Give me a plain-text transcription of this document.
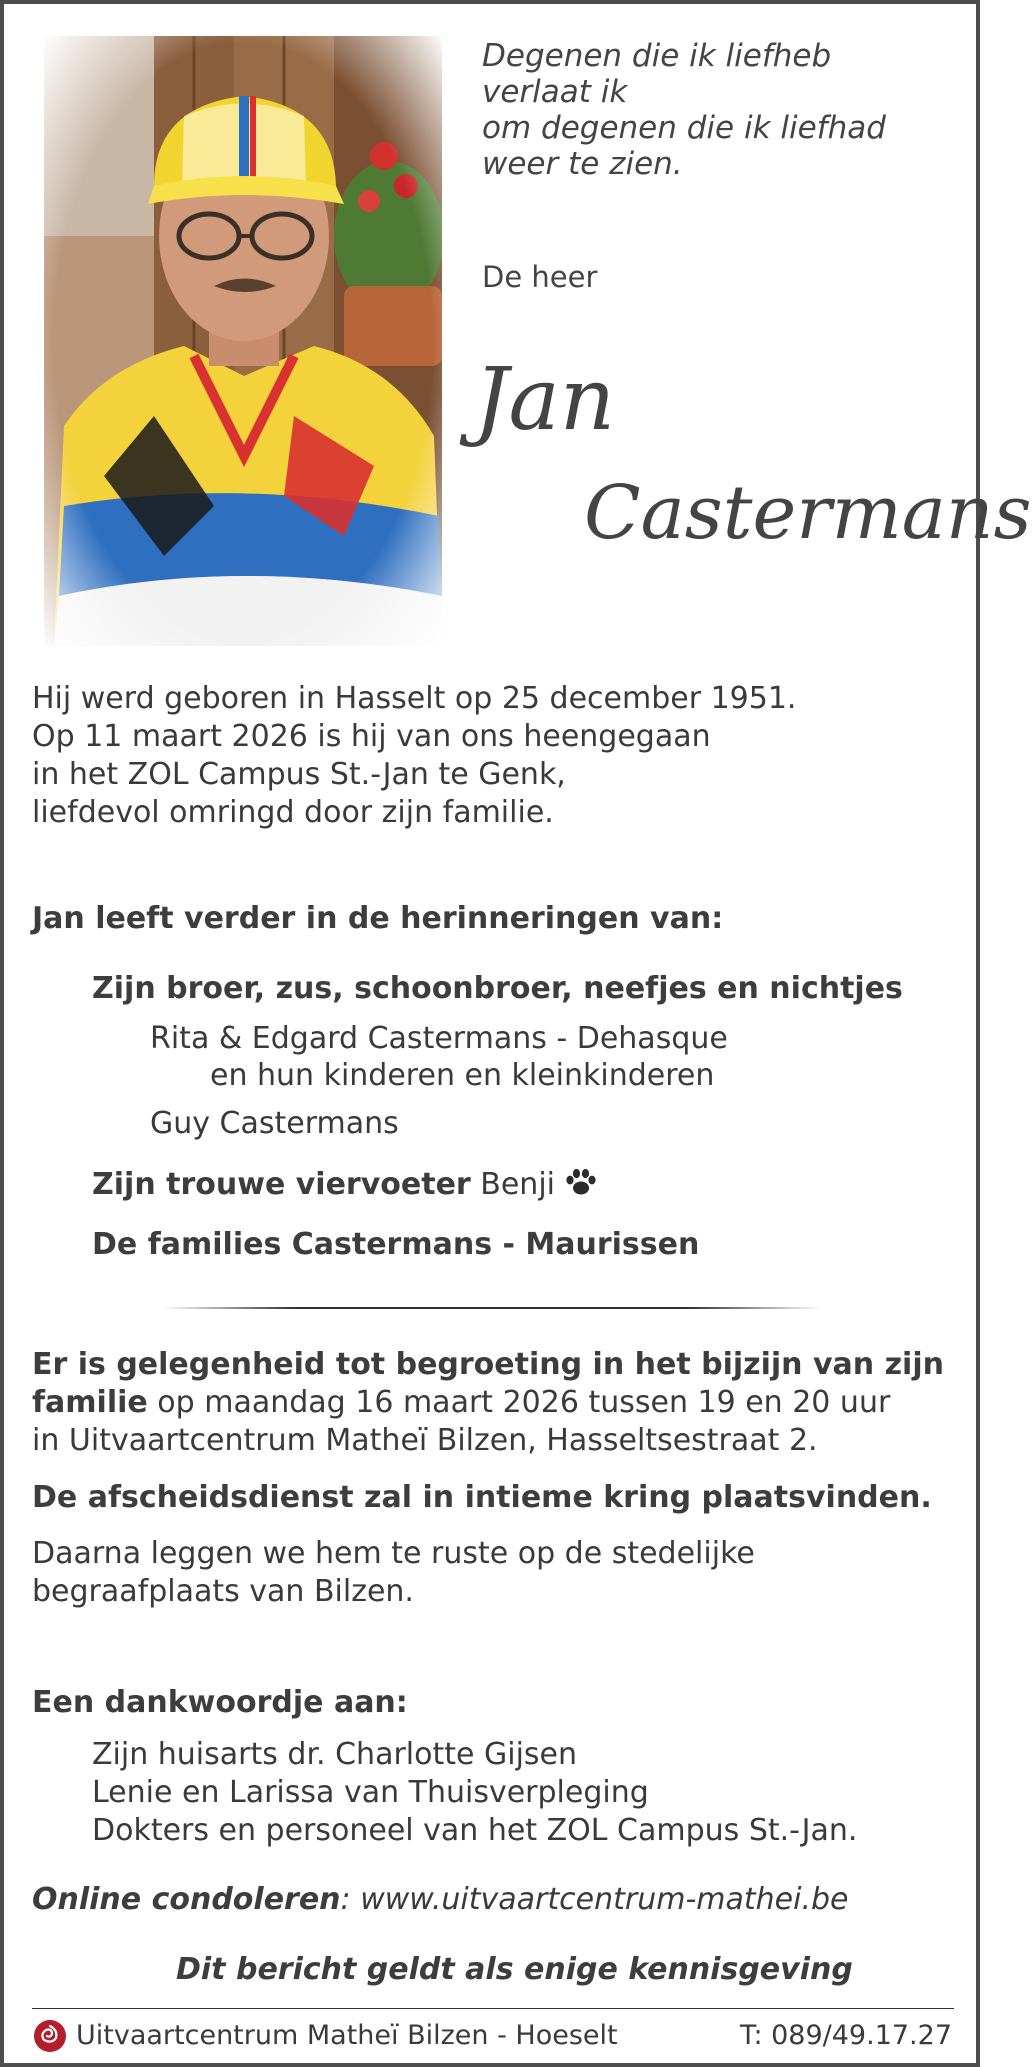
Degenen die ik liefheb
verlaat ik
om degenen die ik liefhad
weer te zien.
De heer
Jan
Castermans
Hij werd geboren in Hasselt op 25 december 1951.
Op 11 maart 2026 is hij van ons heengegaan
in het ZOL Campus St.-Jan te Genk,
liefdevol omringd door zijn familie.
Jan leeft verder in de herinneringen van:
Zijn broer, zus, schoonbroer, neefjes en nichtjes
Rita & Edgard Castermans - Dehasque
en hun kinderen en kleinkinderen
Guy Castermans
Zijn trouwe viervoeter Benji
De families Castermans - Maurissen
Er is gelegenheid tot begroeting in het bijzijn van zijn
familie op maandag 16 maart 2026 tussen 19 en 20 uur
in Uitvaartcentrum Matheï Bilzen, Hasseltsestraat 2.
De afscheidsdienst zal in intieme kring plaatsvinden.
Daarna leggen we hem te ruste op de stedelijke
begraafplaats van Bilzen.
Een dankwoordje aan:
Zijn huisarts dr. Charlotte Gijsen
Lenie en Larissa van Thuisverpleging
Dokters en personeel van het ZOL Campus St.-Jan.
Online condoleren: www.uitvaartcentrum-mathei.be
Dit bericht geldt als enige kennisgeving
Uitvaartcentrum Matheï Bilzen - Hoeselt	T: 089/49.17.27
